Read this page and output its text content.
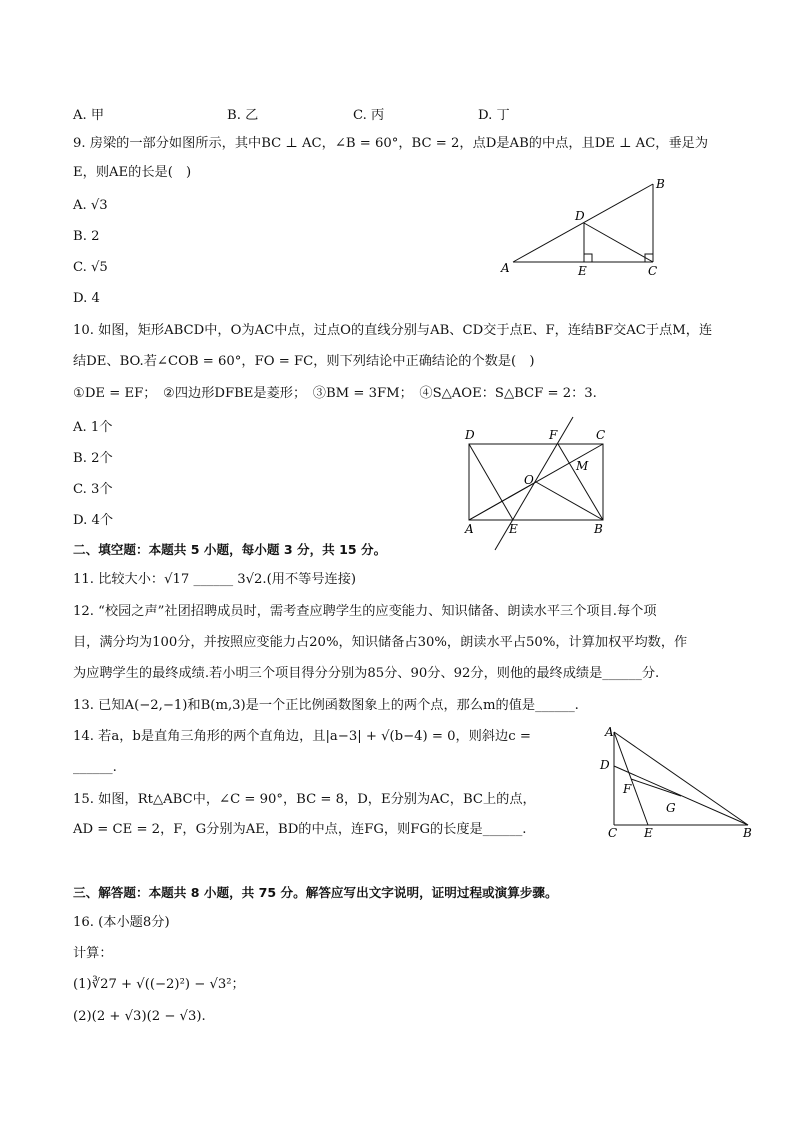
A. 甲	B. 乙	C. 丙	D. 丁
9. 房梁的一部分如图所示，其中BC ⊥ AC，∠B = 60°，BC = 2，点D是AB的中点，且DE ⊥ AC，垂足为
E，则AE的长是(　)
A. √3
B. 2
C. √5
D. 4
A
B
C
D
E
10. 如图，矩形ABCD中，O为AC中点，过点O的直线分别与AB、CD交于点E、F，连结BF交AC于点M，连
结DE、BO.若∠COB = 60°，FO = FC，则下列结论中正确结论的个数是(　)
①DE = EF；　②四边形DFBE是菱形；　③BM = 3FM；　④S△AOE：S△BCF = 2：3.
A. 1个
B. 2个
C. 3个
D. 4个
D	F	C
M
O
A	E	B
二、填空题：本题共 5 小题，每小题 3 分，共 15 分。
11. 比较大小：√17 ______ 3√2.(用不等号连接)
12. “校园之声”社团招聘成员时，需考查应聘学生的应变能力、知识储备、朗读水平三个项目.每个项
目，满分均为100分，并按照应变能力占20%，知识储备占30%，朗读水平占50%，计算加权平均数，作
为应聘学生的最终成绩.若小明三个项目得分分别为85分、90分、92分，则他的最终成绩是______分.
13. 已知A(−2,−1)和B(m,3)是一个正比例函数图象上的两个点，那么m的值是______.
14. 若a，b是直角三角形的两个直角边，且|a−3| + √(b−4) = 0，则斜边c =
______.
15. 如图，Rt△ABC中，∠C = 90°，BC = 8，D，E分别为AC，BC上的点，
AD = CE = 2，F，G分别为AE，BD的中点，连FG，则FG的长度是______.
A
D
F
G
C E	B
三、解答题：本题共 8 小题，共 75 分。解答应写出文字说明，证明过程或演算步骤。
16. (本小题8分)
计算：
(1)∛27 + √((−2)²) − √3²；
(2)(2 + √3)(2 − √3).
